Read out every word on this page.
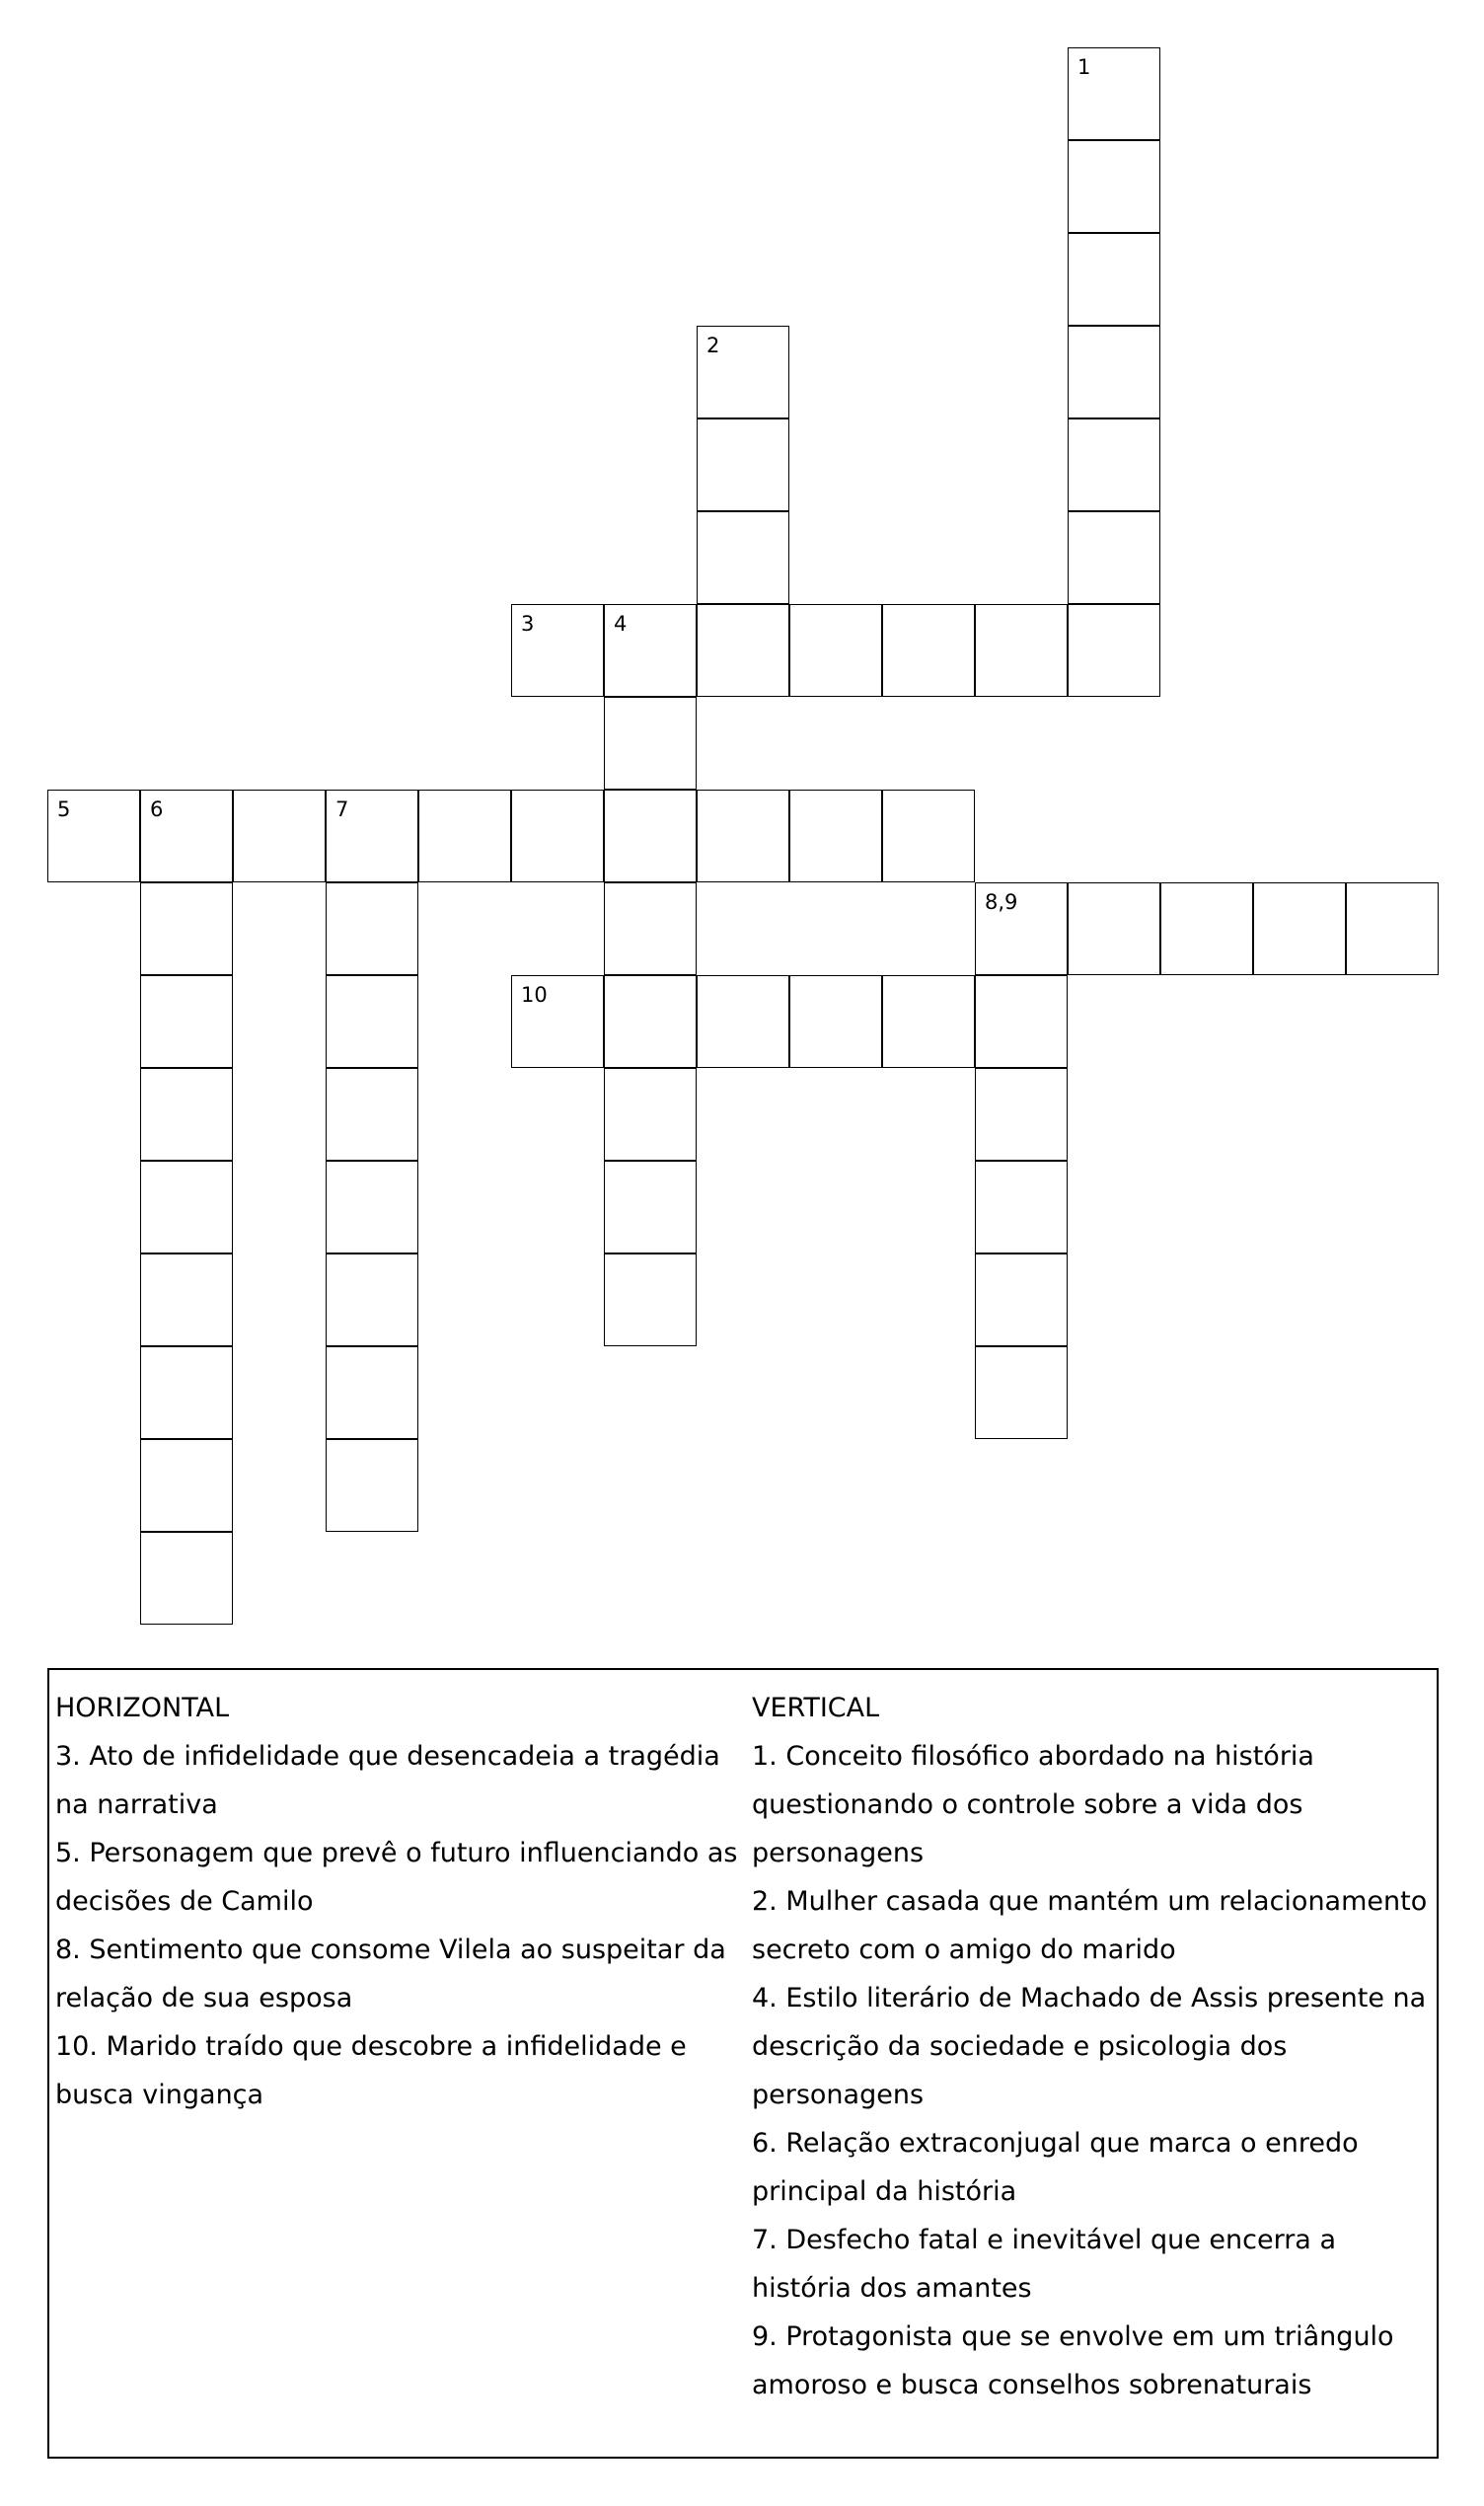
1
2
3	4
5	6	7
8,9
10
HORIZONTAL
3. Ato de infidelidade que desencadeia a tragédia
na narrativa
5. Personagem que prevê o futuro influenciando as
decisões de Camilo
8. Sentimento que consome Vilela ao suspeitar da
relação de sua esposa
10. Marido traído que descobre a infidelidade e
busca vingança
VERTICAL
1. Conceito filosófico abordado na história
questionando o controle sobre a vida dos
personagens
2. Mulher casada que mantém um relacionamento
secreto com o amigo do marido
4. Estilo literário de Machado de Assis presente na
descrição da sociedade e psicologia dos
personagens
6. Relação extraconjugal que marca o enredo
principal da história
7. Desfecho fatal e inevitável que encerra a
história dos amantes
9. Protagonista que se envolve em um triângulo
amoroso e busca conselhos sobrenaturais
